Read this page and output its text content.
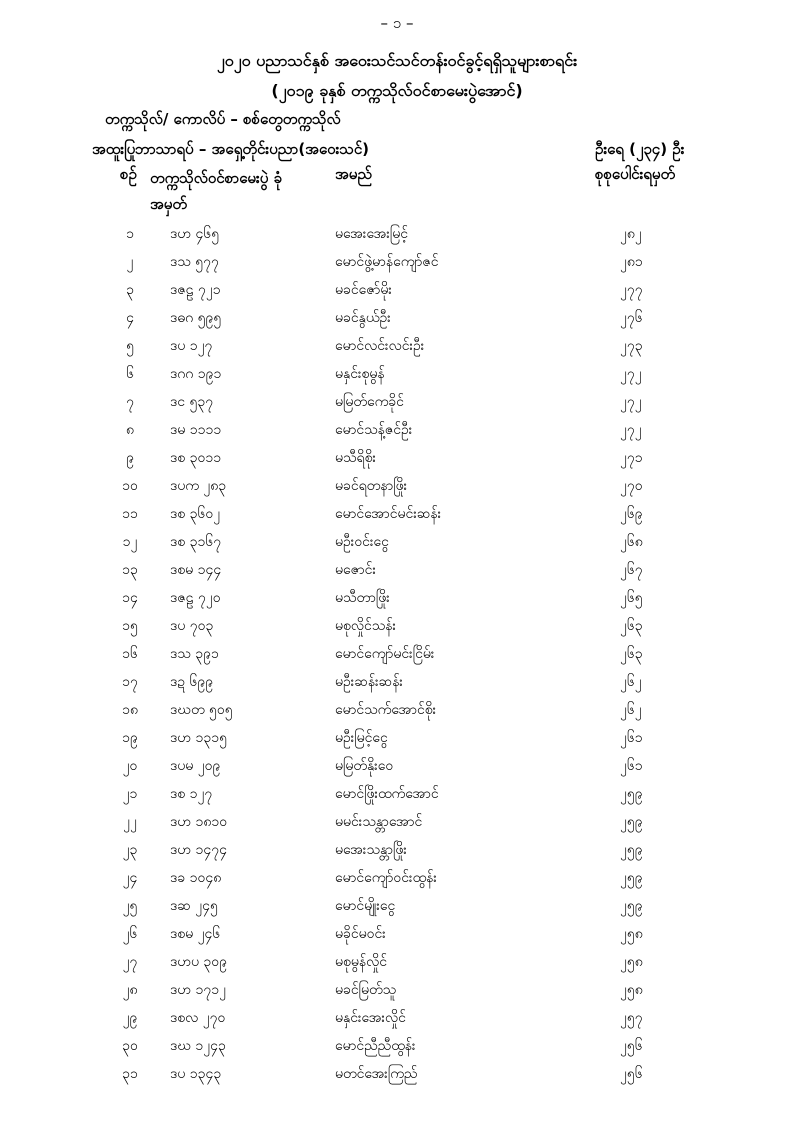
– ၁ –
၂၀၂၀ ပညာသင်နှစ် အဝေးသင်သင်တန်းဝင်ခွင့်ရရှိသူများစာရင်း
(၂၀၁၉ ခုနှစ် တက္ကသိုလ်ဝင်စာမေးပွဲအောင်)
တက္ကသိုလ်/ ကောလိပ် – စစ်တွေတက္ကသိုလ်
အထူးပြုဘာသာရပ် – အရှေ့တိုင်းပညာ(အဝေးသင်)	ဦးရေ (၂၃၄) ဦး
စဉ် တက္ကသိုလ်ဝင်စာမေးပွဲ ခုံအမှတ်
အမည်	စုစုပေါင်းရမှတ်
၁	ဒဟ ၄၆၅	မအေးအေးမြင့်	၂၈၂
၂	ဒသ ၅၇၇	မောင်ဖွဲ့မာန်ကျော်ဇင်	၂၈၁
၃	ဒဇဠ ၇၂၁	မခင်ဇော်မိုး	၂၇၇
၄	ဒဓဂ ၅၉၅	မခင်နွယ်ဦး	၂၇၆
၅	ဒပ ၁၂၇	မောင်လင်းလင်းဦး	၂၇၃
၆	ဒဂဂ ၁၉၁	မနှင်းစုမွန်	၂၇၂
၇	ဒင ၅၃၇	မမြတ်ကေခိုင်	၂၇၂
၈	ဒမ ၁၁၁၁	မောင်သန့်ဇင်ဦး	၂၇၂
၉	ဒစ ၃၀၁၁	မသီရိစိုး	၂၇၁
၁၀	ဒပက ၂၈၃	မခင်ရတနာဖြိုး	၂၇၀
၁၁	ဒစ ၃၆၀၂	မောင်အောင်မင်းဆန်း	၂၆၉
၁၂	ဒစ ၃၁၆၇	မဦးဝင်းငွေ	၂၆၈
၁၃	ဒစမ ၁၄၄	မဇောင်း	၂၆၇
၁၄	ဒဇဠ ၇၂၀	မသီတာဖြိုး	၂၆၅
၁၅	ဒပ ၇၀၃	မစုလှိုင်သန်း	၂၆၃
၁၆	ဒသ ၃၉၁	မောင်ကျော်မင်းငြိမ်း	၂၆၃
၁၇	ဒဍ ၆၉၉	မဦးဆန်းဆန်း	၂၆၂
၁၈	ဒဃတ ၅၀၅	မောင်သက်အောင်စိုး	၂၆၂
၁၉	ဒဟ ၁၃၁၅	မဦးမြင့်ငွေ	၂၆၁
၂၀	ဒပမ ၂၀၉	မမြတ်နိုးဝေ	၂၆၁
၂၁	ဒစ ၁၂၇	မောင်ဖြိုးထက်အောင်	၂၅၉
၂၂	ဒဟ ၁၈၁၀	မမင်းသန္တာအောင်	၂၅၉
၂၃	ဒဟ ၁၄၇၄	မအေးသန္တာဖြိုး	၂၅၉
၂၄	ဒခ ၁၀၄၈	မောင်ကျော်ဝင်းထွန်း	၂၅၉
၂၅	ဒဆ ၂၄၅	မောင်မျိုးငွေ	၂၅၉
၂၆	ဒစမ ၂၄၆	မခိုင်မဝင်း	၂၅၈
၂၇	ဒဟပ ၃၀၉	မစုမွန်လှိုင်	၂၅၈
၂၈	ဒဟ ၁၇၁၂	မခင်မြတ်သူ	၂၅၈
၂၉	ဒစလ ၂၇၀	မနှင်းအေးလှိုင်	၂၅၇
၃၀	ဒဃ ၁၂၄၃	မောင်ညီညီထွန်း	၂၅၆
၃၁	ဒပ ၁၃၄၃	မတင်အေးကြည်	၂၅၆
